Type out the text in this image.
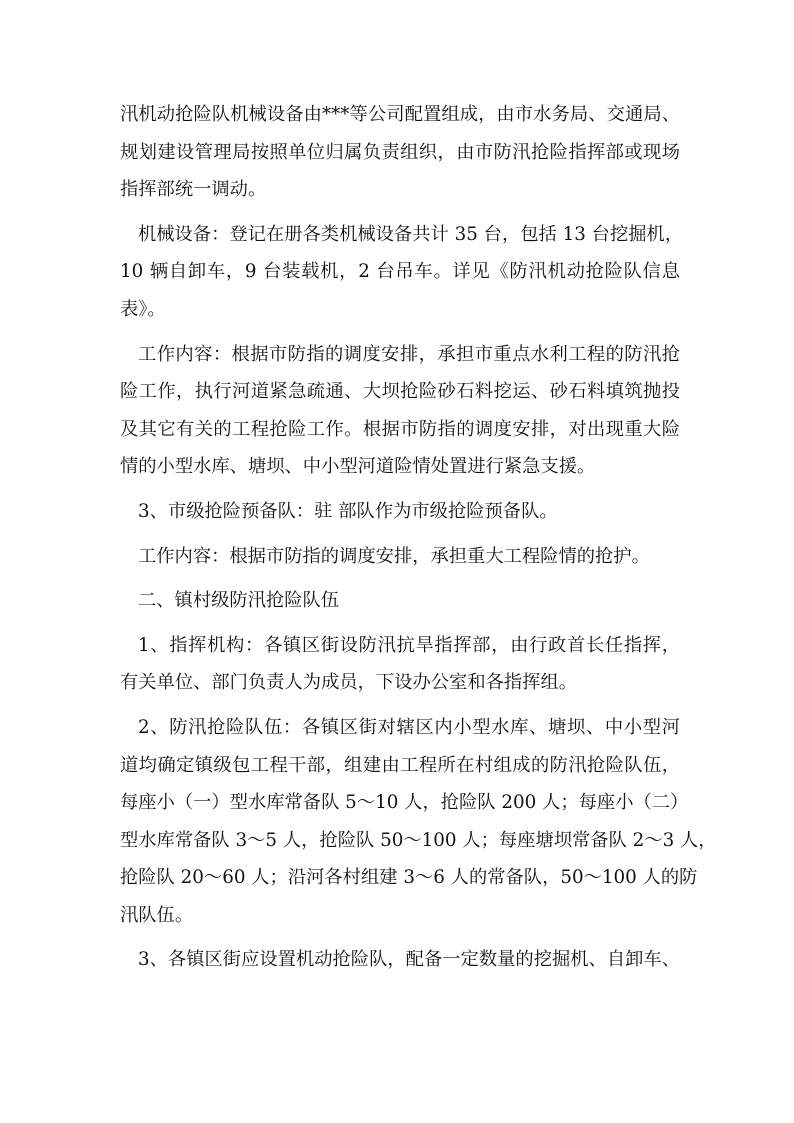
汛机动抢险队机械设备由***等公司配置组成，由市水务局、交通局、
规划建设管理局按照单位归属负责组织，由市防汛抢险指挥部或现场
指挥部统一调动。

机械设备：登记在册各类机械设备共计 35 台，包括 13 台挖掘机，
10 辆自卸车，9 台装载机，2 台吊车。详见《防汛机动抢险队信息
表》。

工作内容：根据市防指的调度安排，承担市重点水利工程的防汛抢
险工作，执行河道紧急疏通、大坝抢险砂石料挖运、砂石料填筑抛投
及其它有关的工程抢险工作。根据市防指的调度安排，对出现重大险
情的小型水库、塘坝、中小型河道险情处置进行紧急支援。

3、市级抢险预备队：驻 部队作为市级抢险预备队。

工作内容：根据市防指的调度安排，承担重大工程险情的抢护。

二、镇村级防汛抢险队伍

1、指挥机构：各镇区街设防汛抗旱指挥部，由行政首长任指挥，
有关单位、部门负责人为成员，下设办公室和各指挥组。

2、防汛抢险队伍：各镇区街对辖区内小型水库、塘坝、中小型河
道均确定镇级包工程干部，组建由工程所在村组成的防汛抢险队伍，
每座小（一）型水库常备队 5～10 人，抢险队 200 人；每座小（二）
型水库常备队 3～5 人，抢险队 50～100 人；每座塘坝常备队 2～3 人，
抢险队 20～60 人；沿河各村组建 3～6 人的常备队，50～100 人的防
汛队伍。

3、各镇区街应设置机动抢险队，配备一定数量的挖掘机、自卸车、
